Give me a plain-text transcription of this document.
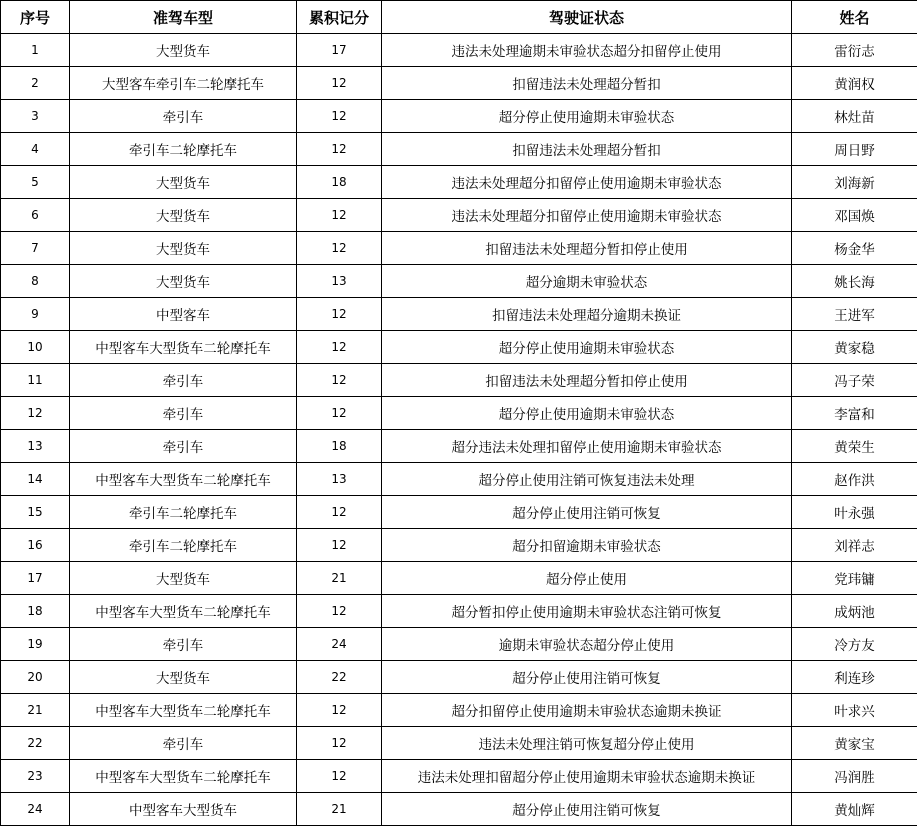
序号	准驾车型	累积记分	驾驶证状态	姓名
1	大型货车	17	违法未处理逾期未审验状态超分扣留停止使用	雷衍志
2	大型客车牵引车二轮摩托车	12	扣留违法未处理超分暂扣	黄润权
3	牵引车	12	超分停止使用逾期未审验状态	林灶苗
4	牵引车二轮摩托车	12	扣留违法未处理超分暂扣	周日野
5	大型货车	18	违法未处理超分扣留停止使用逾期未审验状态	刘海新
6	大型货车	12	违法未处理超分扣留停止使用逾期未审验状态	邓国焕
7	大型货车	12	扣留违法未处理超分暂扣停止使用	杨金华
8	大型货车	13	超分逾期未审验状态	姚长海
9	中型客车	12	扣留违法未处理超分逾期未换证	王进军
10	中型客车大型货车二轮摩托车	12	超分停止使用逾期未审验状态	黄家稳
11	牵引车	12	扣留违法未处理超分暂扣停止使用	冯子荣
12	牵引车	12	超分停止使用逾期未审验状态	李富和
13	牵引车	18	超分违法未处理扣留停止使用逾期未审验状态	黄荣生
14	中型客车大型货车二轮摩托车	13	超分停止使用注销可恢复违法未处理	赵作洪
15	牵引车二轮摩托车	12	超分停止使用注销可恢复	叶永强
16	牵引车二轮摩托车	12	超分扣留逾期未审验状态	刘祥志
17	大型货车	21	超分停止使用	党玮镛
18	中型客车大型货车二轮摩托车	12	超分暂扣停止使用逾期未审验状态注销可恢复	成炳池
19	牵引车	24	逾期未审验状态超分停止使用	冷方友
20	大型货车	22	超分停止使用注销可恢复	利连珍
21	中型客车大型货车二轮摩托车	12	超分扣留停止使用逾期未审验状态逾期未换证	叶求兴
22	牵引车	12	违法未处理注销可恢复超分停止使用	黄家宝
23	中型客车大型货车二轮摩托车	12	违法未处理扣留超分停止使用逾期未审验状态逾期未换证	冯润胜
24	中型客车大型货车	21	超分停止使用注销可恢复	黄灿辉
